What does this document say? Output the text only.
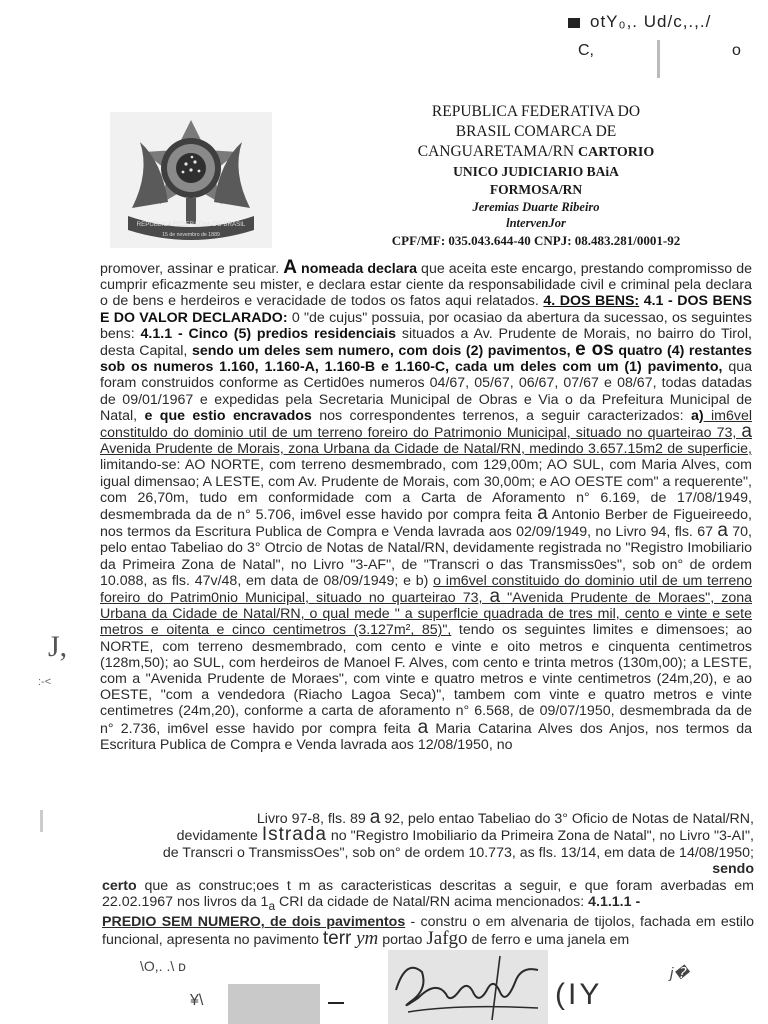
otY₀,. Ud/c,.,./
C,	o
REPUBLICA FEDERATIVA DO BRASIL
15 de novembro de 1889
REPUBLICA FEDERATIVA DO
BRASIL COMARCA DE
CANGUARETAMA/RN CARTORIO
UNICO JUDICIARIO BAiA
FORMOSA/RN
Jeremias Duarte Ribeiro
lntervenJor
CPF/MF: 035.043.644-40 CNPJ: 08.483.281/0001-92

promover, assinar e praticar. A nomeada declara que aceita este encargo, prestando compromisso de cumprir eficazmente seu mister, e declara estar ciente da responsabilidade civil e criminal pela declara o de bens e herdeiros e veracidade de todos os fatos aqui relatados. 4. DOS BENS: 4.1 - DOS BENS E DO VALOR DECLARADO: 0 "de cujus" possuia, por ocasiao da abertura da sucessao, os seguintes bens: 4.1.1 - Cinco (5) predios residenciais situados a Av. Prudente de Morais, no bairro do Tirol, desta Capital, sendo um deles sem numero, com dois (2) pavimentos, e os quatro (4) restantes sob os numeros 1.160, 1.160-A, 1.160-B e 1.160-C, cada um deles com um (1) pavimento, qua foram construidos conforme as Certid0es numeros 04/67, 05/67, 06/67, 07/67 e 08/67, todas datadas de 09/01/1967 e expedidas pela Secretaria Municipal de Obras e Via o da Prefeitura Municipal de Natal, e que estio encravados nos correspondentes terrenos, a seguir caracterizados: a) im6vel constituldo do dominio util de um terreno foreiro do Patrimonio Municipal, situado no quarteirao 73, a Avenida Prudente de Morais, zona Urbana da Cidade de Natal/RN, medindo 3.657.15m2 de superficie, limitando-se: AO NORTE, com terreno desmembrado, com 129,00m; AO SUL, com Maria Alves, com igual dimensao; A LESTE, com Av. Prudente de Morais, com 30,00m; e AO OESTE com" a requerente", com 26,70m, tudo em conformidade com a Carta de Aforamento n° 6.169, de 17/08/1949, desmembrada da de n° 5.706, im6vel esse havido por compra feita a Antonio Berber de Figueireedo, nos termos da Escritura Publica de Compra e Venda lavrada aos 02/09/1949, no Livro 94, fls. 67 a 70, pelo entao Tabeliao do 3° Otrcio de Notas de Natal/RN, devidamente registrada no "Registro Imobiliario da Primeira Zona de Natal", no Livro "3-AF", de "Transcri o das Transmiss0es", sob on° de ordem 10.088, as fls. 47v/48, em data de 08/09/1949; e b) o im6vel constituido do dominio util de um terreno foreiro do Patrim0nio Municipal, situado no quarteirao 73, a "Avenida Prudente de Moraes", zona Urbana da Cidade de Natal/RN, o qual mede " a superflcie quadrada de tres mil, cento e vinte e sete metros e oitenta e cinco centimetros (3.127m², 85)", tendo os seguintes limites e dimensoes; ao NORTE, com terreno desmembrado, com cento e vinte e oito metros e cinquenta centimetros (128m,50); ao SUL, com herdeiros de Manoel F. Alves, com cento e trinta metros (130m,00); a LESTE, com a "Avenida Prudente de Moraes", com vinte e quatro metros e vinte centimetros (24m,20), e ao OESTE, "com a vendedora (Riacho Lagoa Seca)", tambem com vinte e quatro metros e vinte centimetres (24m,20), conforme a carta de aforamento n° 6.568, de 09/07/1950, desmembrada da de n° 2.736, im6vel esse havido por compra feita a Maria Catarina Alves dos Anjos, nos termos da Escritura Publica de Compra e Venda lavrada aos 12/08/1950, no

J,
:-<

Livro 97-8, fls. 89 a 92, pelo entao Tabeliao do 3° Oficio de Notas de Natal/RN,

devidamente Istrada no "Registro Imobiliario da Primeira Zona de Natal", no Livro "3-AI",

de Transcri o TransmissOes", sob on° de ordem 10.773, as fls. 13/14, em data de 14/08/1950;

sendo

certo que as construc;oes t m as caracteristicas descritas a seguir, e que foram averbadas em 22.02.1967 nos livros da $1_a$ CRI da cidade de Natal/RN acima mencionados: 4.1.1.1 -

PREDIO SEM NUMERO, de dois pavimentos - constru o em alvenaria de tijolos, fachada em estilo funcional, apresenta no pavimento terr ym portao Jafgo de ferro e uma janela em

\O,. .\ ᴅ
¥\	(IY
j�
